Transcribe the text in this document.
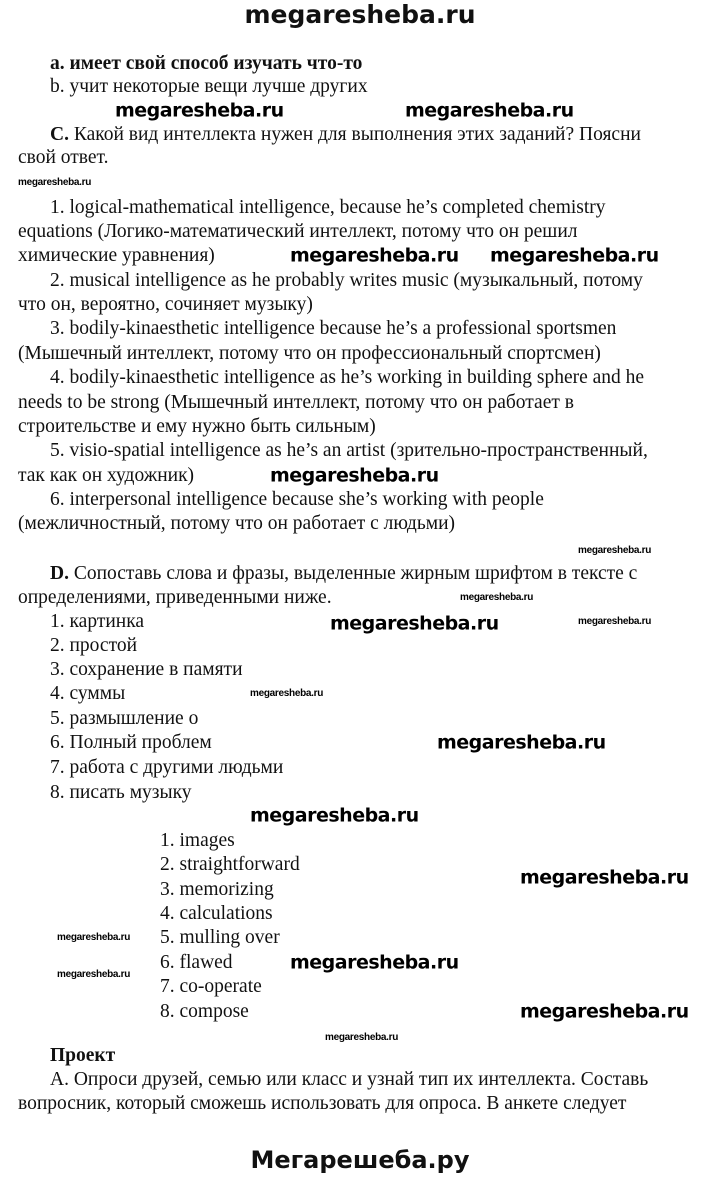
megaresheba.ru
a. имеет свой способ изучать что-то
b. учит некоторые вещи лучше других
C. Какой вид интеллекта нужен для выполнения этих заданий? Поясни
свой ответ.
1. logical-mathematical intelligence, because he’s completed chemistry
equations (Логико-математический интеллект, потому что он решил
химические уравнения)
2. musical intelligence as he probably writes music (музыкальный, потому
что он, вероятно, сочиняет музыку)
3. bodily-kinaesthetic intelligence because he’s a professional sportsmen
(Мышечный интеллект, потому что он профессиональный спортсмен)
4. bodily-kinaesthetic intelligence as he’s working in building sphere and he
needs to be strong (Мышечный интеллект, потому что он работает в
строительстве и ему нужно быть сильным)
5. visio-spatial intelligence as he’s an artist (зрительно-пространственный,
так как он художник)
6. interpersonal intelligence because she’s working with people
(межличностный, потому что он работает с людьми)
D. Сопоставь слова и фразы, выделенные жирным шрифтом в тексте с
определениями, приведенными ниже.
1. картинка
2. простой
3. сохранение в памяти
4. суммы
5. размышление о
6. Полный проблем
7. работа с другими людьми
8. писать музыку
1. images
2. straightforward
3. memorizing
4. calculations
5. mulling over
6. flawed
7. co-operate
8. compose
Проект
А. Опроси друзей, семью или класс и узнай тип их интеллекта. Составь
вопросник, который сможешь использовать для опроса. В анкете следует
megaresheba.ru	megaresheba.ru
megaresheba.ru megaresheba.ru
megaresheba.ru
megaresheba.ru
megaresheba.ru
megaresheba.ru
megaresheba.ru
megaresheba.ru
megaresheba.ru
megaresheba.ru
megaresheba.ru
megaresheba.ru
megaresheba.ru
megaresheba.ru
megaresheba.ru
megaresheba.ru
megaresheba.ru
Мегарешеба.ру
